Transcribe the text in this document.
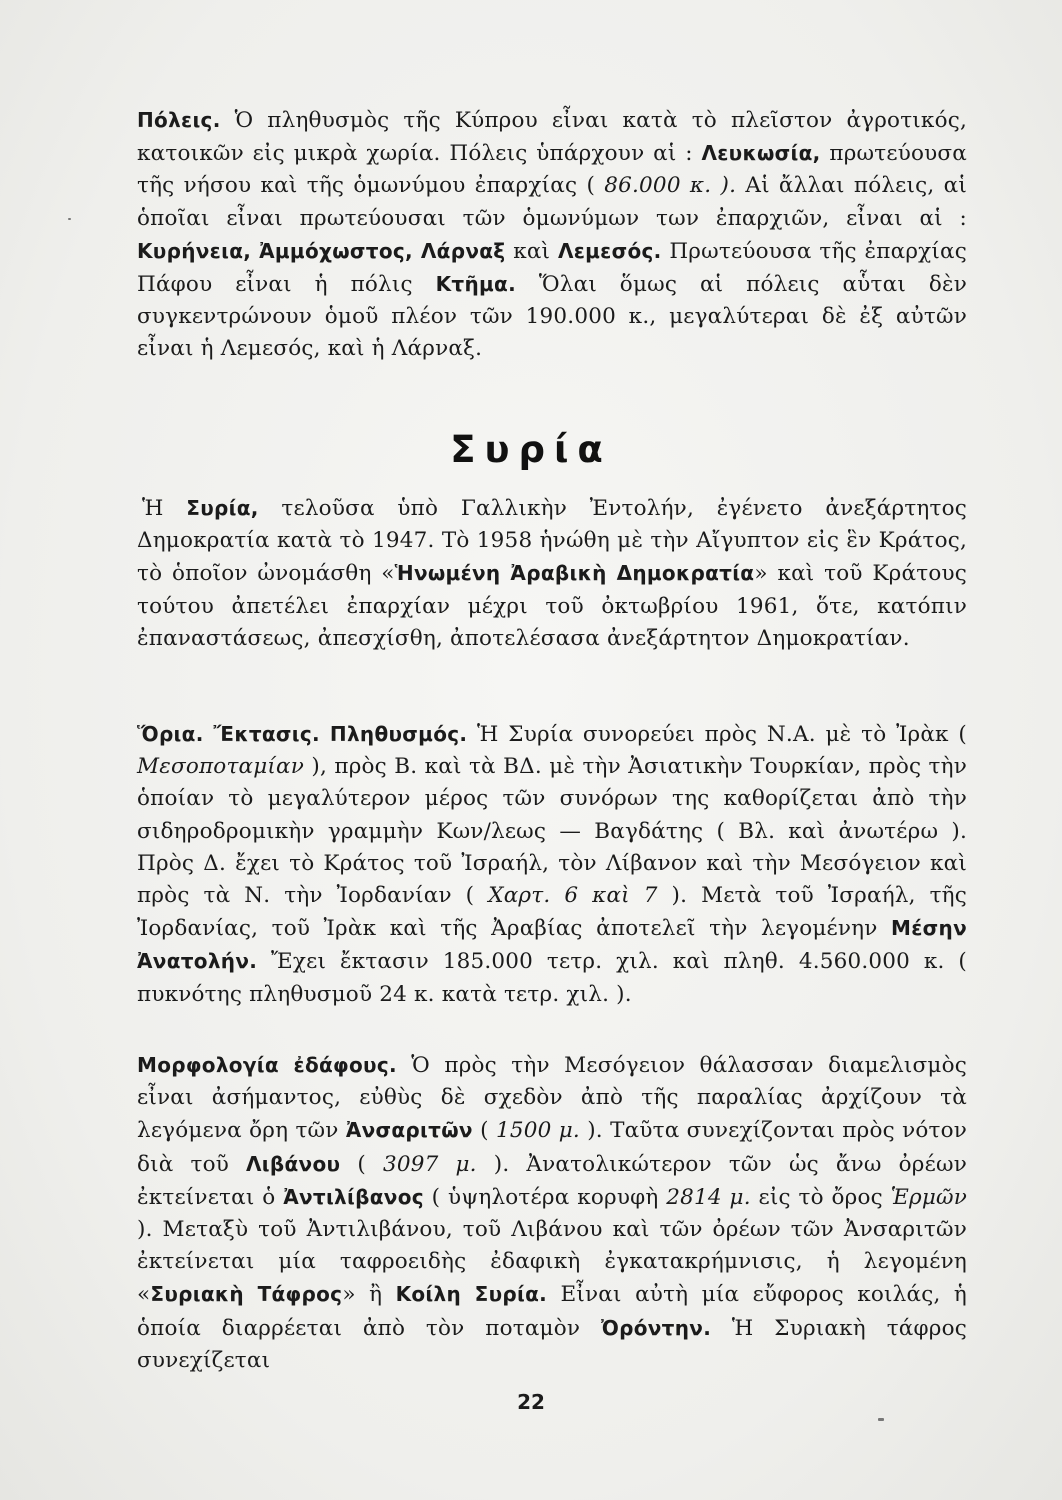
Πόλεις. Ὁ πληθυσμὸς τῆς Κύπρου εἶναι κατὰ τὸ πλεῖστον ἀγροτικός, κατοικῶν εἰς μικρὰ χωρία. Πόλεις ὑπάρχουν αἱ : Λευκωσία, πρωτεύουσα τῆς νήσου καὶ τῆς ὁμωνύμου ἐπαρχίας ( 86.000 κ. ). Αἱ ἄλλαι πόλεις, αἱ ὁποῖαι εἶναι πρωτεύουσαι τῶν ὁμωνύμων των ἐπαρχιῶν, εἶναι αἱ : Κυρήνεια, Ἀμμόχωστος, Λάρναξ καὶ Λεμεσός. Πρωτεύουσα τῆς ἐπαρχίας Πάφου εἶναι ἡ πόλις Κτῆμα. Ὅλαι ὅμως αἱ πόλεις αὗται δὲν συγκεντρώνουν ὁμοῦ πλέον τῶν 190.000 κ., μεγαλύτεραι δὲ ἐξ αὐτῶν εἶναι ἡ Λεμεσός, καὶ ἡ Λάρναξ.
Συρία
Ἡ Συρία, τελοῦσα ὑπὸ Γαλλικὴν Ἐντολήν, ἐγένετο ἀνεξάρτητος Δημοκρατία κατὰ τὸ 1947. Τὸ 1958 ἡνώθη μὲ τὴν Αἴγυπτον εἰς ἓν Κράτος, τὸ ὁποῖον ὠνομάσθη «Ἡνωμένη Ἀραβικὴ Δημοκρατία» καὶ τοῦ Κράτους τούτου ἀπετέλει ἐπαρχίαν μέχρι τοῦ ὀκτωβρίου 1961, ὅτε, κατόπιν ἐπαναστάσεως, ἀπεσχίσθη, ἀποτελέσασα ἀνεξάρτητον Δημοκρατίαν.
Ὅρια. Ἔκτασις. Πληθυσμός. Ἡ Συρία συνορεύει πρὸς Ν.Α. μὲ τὸ Ἰρὰκ ( Μεσοποταμίαν ), πρὸς Β. καὶ τὰ ΒΔ. μὲ τὴν Ἀσιατικὴν Τουρκίαν, πρὸς τὴν ὁποίαν τὸ μεγαλύτερον μέρος τῶν συνόρων της καθορίζεται ἀπὸ τὴν σιδηροδρομικὴν γραμμὴν Κων/λεως — Βαγδάτης ( Βλ. καὶ ἀνωτέρω ). Πρὸς Δ. ἔχει τὸ Κράτος τοῦ Ἰσραήλ, τὸν Λίβανον καὶ τὴν Μεσόγειον καὶ πρὸς τὰ Ν. τὴν Ἰορδανίαν ( Χαρτ. 6 καὶ 7 ). Μετὰ τοῦ Ἰσραήλ, τῆς Ἰορδανίας, τοῦ Ἰρὰκ καὶ τῆς Ἀραβίας ἀποτελεῖ τὴν λεγομένην Μέσην Ἀνατολήν. Ἔχει ἔκτασιν 185.000 τετρ. χιλ. καὶ πληθ. 4.560.000 κ. ( πυκνότης πληθυσμοῦ 24 κ. κατὰ τετρ. χιλ. ).
Μορφολογία ἐδάφους. Ὁ πρὸς τὴν Μεσόγειον θάλασσαν διαμελισμὸς εἶναι ἀσήμαντος, εὐθὺς δὲ σχεδὸν ἀπὸ τῆς παραλίας ἀρχίζουν τὰ λεγόμενα ὄρη τῶν Ἀνσαριτῶν ( 1500 μ. ). Ταῦτα συνεχίζονται πρὸς νότον διὰ τοῦ Λιβάνου ( 3097 μ. ). Ἀνατολικώτερον τῶν ὡς ἄνω ὀρέων ἐκτείνεται ὁ Ἀντιλίβανος ( ὑψηλοτέρα κορυφὴ 2814 μ. εἰς τὸ ὄρος Ἑρμῶν ). Μεταξὺ τοῦ Ἀντιλιβάνου, τοῦ Λιβάνου καὶ τῶν ὀρέων τῶν Ἀνσαριτῶν ἐκτείνεται μία ταφροειδὴς ἐδαφικὴ ἐγκατακρήμνισις, ἡ λεγομένη «Συριακὴ Τάφρος» ἢ Κοίλη Συρία. Εἶναι αὐτὴ μία εὔφορος κοιλάς, ἡ ὁποία διαρρέεται ἀπὸ τὸν ποταμὸν Ὀρόντην. Ἡ Συριακὴ τάφρος συνεχίζεται
22
